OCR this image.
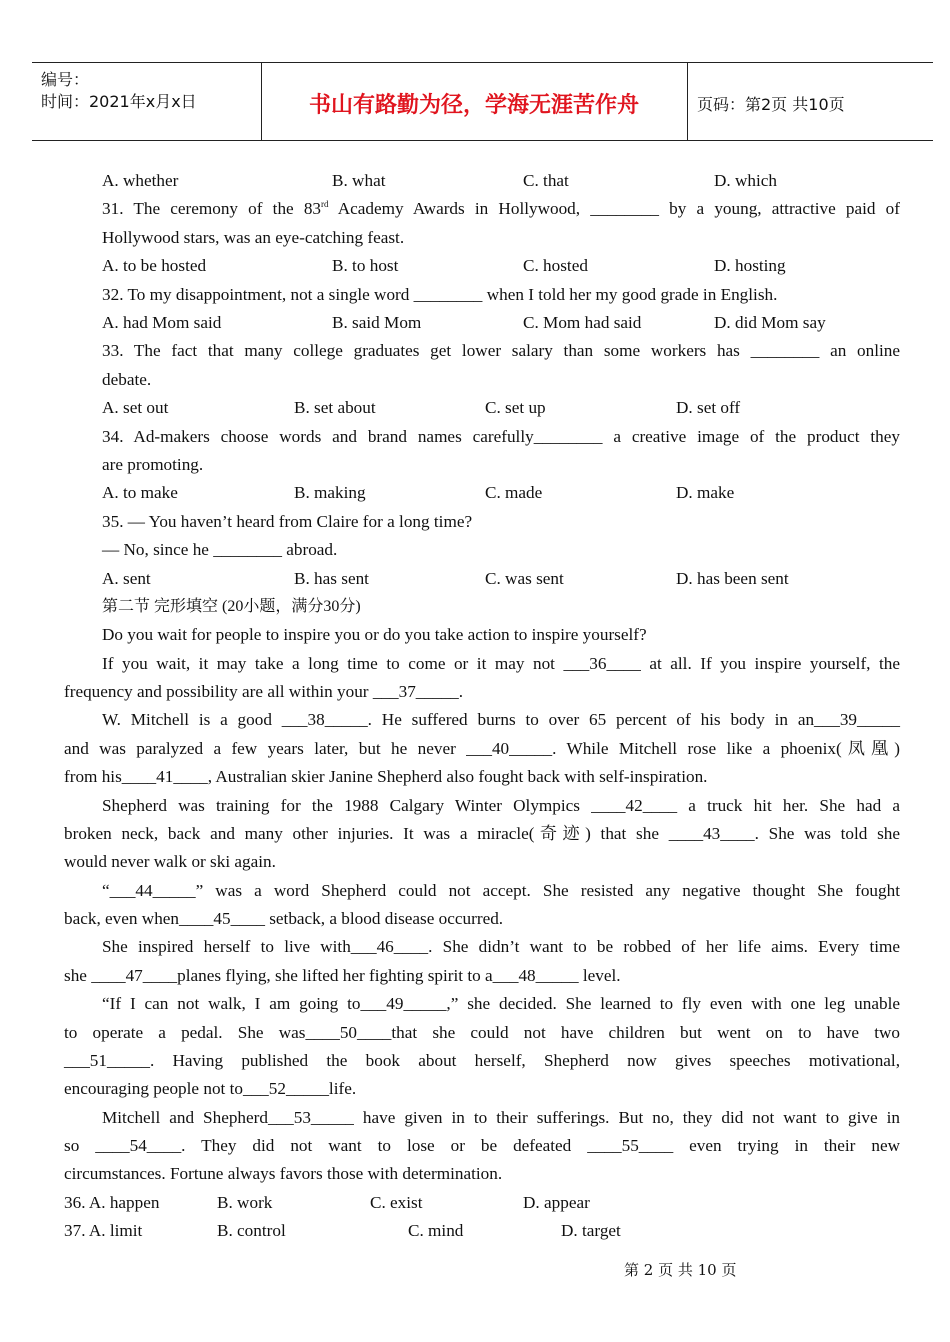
编号：
时间：2021年x月x日	书山有路勤为径，学海无涯苦作舟	页码：第2页 共10页
A. whether	B. what	C. that	D. which
31. The ceremony of the 83rd Academy Awards in Hollywood, ________ by a young, attractive paid of
Hollywood stars, was an eye-catching feast.
A. to be hosted	B. to host	C. hosted	D. hosting
32. To my disappointment, not a single word ________ when I told her my good grade in English.
A. had Mom said	B. said Mom	C. Mom had said	D. did Mom say
33. The fact that many college graduates get lower salary than some workers has ________ an online
debate.
A. set out	B. set about	C. set up	D. set off
34. Ad-makers choose words and brand names carefully________ a creative image of the product they
are promoting.
A. to make	B. making	C. made	D. make
35. — You haven’t heard from Claire for a long time?
— No, since he ________ abroad.
A. sent	B. has sent	C. was sent	D. has been sent
第二节 完形填空 (20小题，满分30分)
Do you wait for people to inspire you or do you take action to inspire yourself?
If you wait, it may take a long time to come or it may not ___36____ at all. If you inspire yourself, the
frequency and possibility are all within your ___37_____.
W. Mitchell is a good ___38_____. He suffered burns to over 65 percent of his body in an___39_____
and was paralyzed a few years later, but he never ___40_____. While Mitchell rose like a phoenix(凤凰)
from his____41____, Australian skier Janine Shepherd also fought back with self-inspiration.
Shepherd was training for the 1988 Calgary Winter Olympics ____42____ a truck hit her. She had a
broken neck, back and many other injuries. It was a miracle(奇迹) that she ____43____. She was told she
would never walk or ski again.
“___44_____” was a word Shepherd could not accept. She resisted any negative thought She fought
back, even when____45____ setback, a blood disease occurred.
She inspired herself to live with___46____. She didn’t want to be robbed of her life aims. Every time
she ____47____planes flying, she lifted her fighting spirit to a___48_____ level.
“If I can not walk, I am going to___49_____,” she decided. She learned to fly even with one leg unable
to operate a pedal. She was____50____that she could not have children but went on to have two
___51_____. Having published the book about herself, Shepherd now gives speeches motivational,
encouraging people not to___52_____life.
Mitchell and Shepherd___53_____ have given in to their sufferings. But no, they did not want to give in
so ____54____. They did not want to lose or be defeated ____55____ even trying in their new
circumstances. Fortune always favors those with determination.
36. A. happen	B. work	C. exist	D. appear
37. A. limit	B. control	C. mind	D. target
第 2 页 共 10 页
